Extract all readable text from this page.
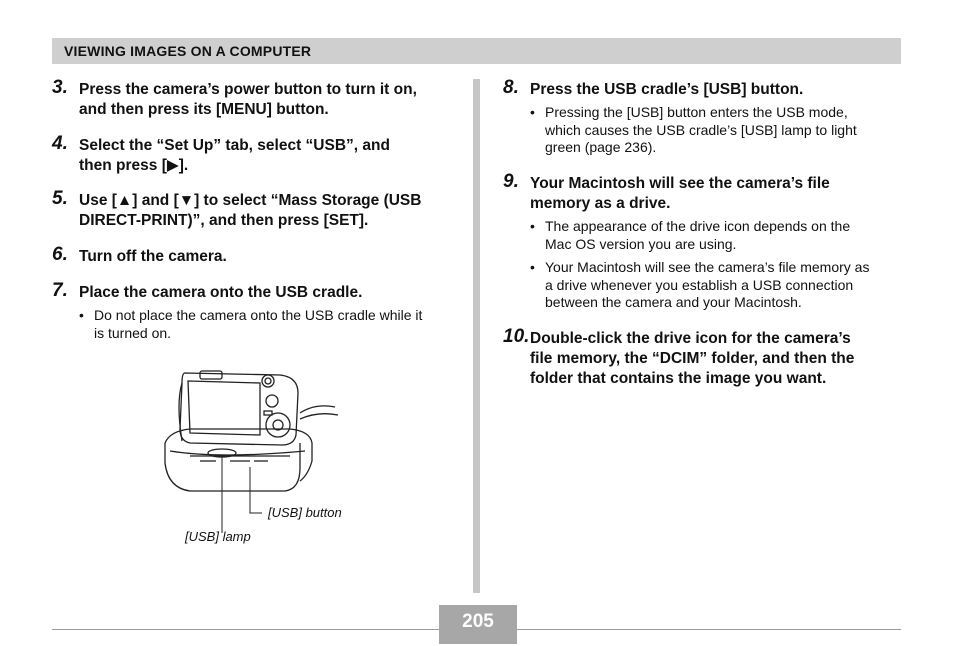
VIEWING IMAGES ON A COMPUTER
3. Press the camera’s power button to turn it on,
and then press its [MENU] button.
4. Select the “Set Up” tab, select “USB”, and
then press [▶].
5. Use [▲] and [▼] to select “Mass Storage (USB
DIRECT-PRINT)”, and then press [SET].
6. Turn off the camera.
7. Place the camera onto the USB cradle.
• Do not place the camera onto the USB cradle while it
is turned on.
[USB] button
[USB] lamp
8. Press the USB cradle’s [USB] button.
• Pressing the [USB] button enters the USB mode,
which causes the USB cradle’s [USB] lamp to light
green (page 236).
9. Your Macintosh will see the camera’s file
memory as a drive.
• The appearance of the drive icon depends on the
Mac OS version you are using.
• Your Macintosh will see the camera’s file memory as
a drive whenever you establish a USB connection
between the camera and your Macintosh.
10. Double-click the drive icon for the camera’s
file memory, the “DCIM” folder, and then the
folder that contains the image you want.
205
